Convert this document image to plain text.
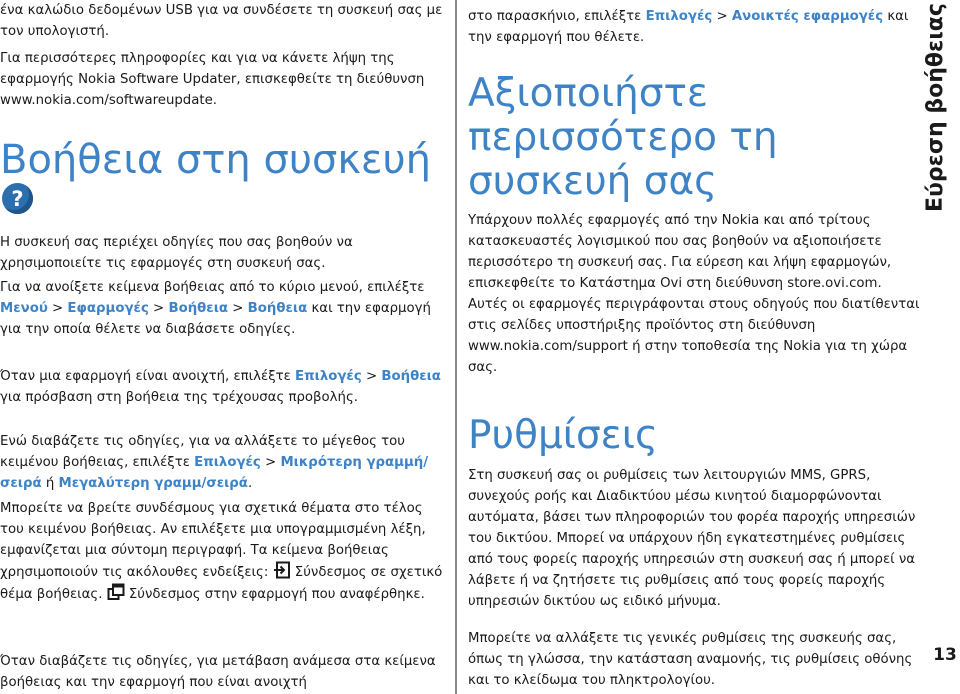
ένα καλώδιο δεδομένων USB για να συνδέσετε τη συσκευή σας με τον υπολογιστή.

Για περισσότερες πληροφορίες και για να κάνετε λήψη της εφαρμογής Nokia Software Updater, επισκεφθείτε τη διεύθυνση www.nokia.com/softwareupdate.

Βοήθεια στη συσκευή
?

Η συσκευή σας περιέχει οδηγίες που σας βοηθούν να χρησιμοποιείτε τις εφαρμογές στη συσκευή σας.

Για να ανοίξετε κείμενα βοήθειας από το κύριο μενού, επιλέξτε Μενού > Εφαρμογές > Βοήθεια > Βοήθεια και την εφαρμογή για την οποία θέλετε να διαβάσετε οδηγίες.

Όταν μια εφαρμογή είναι ανοιχτή, επιλέξτε Επιλογές > Βοήθεια για πρόσβαση στη βοήθεια της τρέχουσας προβολής.

Ενώ διαβάζετε τις οδηγίες, για να αλλάξετε το μέγεθος του κειμένου βοήθειας, επιλέξτε Επιλογές > Μικρότερη γραμμή/σειρά ή Μεγαλύτερη γραμμ/σειρά.

Μπορείτε να βρείτε συνδέσμους για σχετικά θέματα στο τέλος του κειμένου βοήθειας. Αν επιλέξετε μια υπογραμμισμένη λέξη, εμφανίζεται μια σύντομη περιγραφή. Τα κείμενα βοήθειας χρησιμοποιούν τις ακόλουθες ενδείξεις:  Σύνδεσμος σε σχετικό θέμα βοήθειας.  Σύνδεσμος στην εφαρμογή που αναφέρθηκε.

Όταν διαβάζετε τις οδηγίες, για μετάβαση ανάμεσα στα κείμενα βοήθειας και την εφαρμογή που είναι ανοιχτή

στο παρασκήνιο, επιλέξτε Επιλογές > Ανοικτές εφαρμογές και την εφαρμογή που θέλετε.

Αξιοποιήστε περισσότερο τη συσκευή σας

Υπάρχουν πολλές εφαρμογές από την Nokia και από τρίτους κατασκευαστές λογισμικού που σας βοηθούν να αξιοποιήσετε περισσότερο τη συσκευή σας. Για εύρεση και λήψη εφαρμογών, επισκεφθείτε το Κατάστημα Ovi στη διεύθυνση store.ovi.com. Αυτές οι εφαρμογές περιγράφονται στους οδηγούς που διατίθενται στις σελίδες υποστήριξης προϊόντος στη διεύθυνση www.nokia.com/support ή στην τοποθεσία της Nokia για τη χώρα σας.

Ρυθμίσεις

Στη συσκευή σας οι ρυθμίσεις των λειτουργιών MMS, GPRS, συνεχούς ροής και Διαδικτύου μέσω κινητού διαμορφώνονται αυτόματα, βάσει των πληροφοριών του φορέα παροχής υπηρεσιών του δικτύου. Μπορεί να υπάρχουν ήδη εγκατεστημένες ρυθμίσεις από τους φορείς παροχής υπηρεσιών στη συσκευή σας ή μπορεί να λάβετε ή να ζητήσετε τις ρυθμίσεις από τους φορείς παροχής υπηρεσιών δικτύου ως ειδικό μήνυμα.

Μπορείτε να αλλάξετε τις γενικές ρυθμίσεις της συσκευής σας, όπως τη γλώσσα, την κατάσταση αναμονής, τις ρυθμίσεις οθόνης και το κλείδωμα του πληκτρολογίου.

Εύρεση βοήθειας
13
